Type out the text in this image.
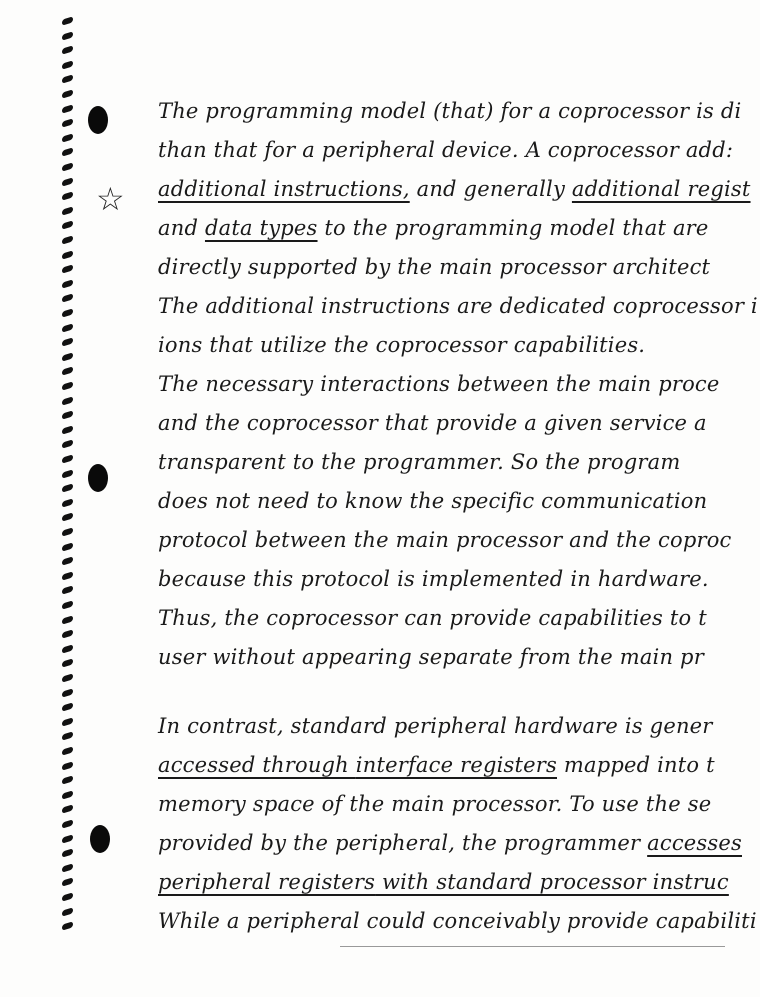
☆
The programming model (that) for a coprocessor is di
than that for a peripheral device. A coprocessor add:
additional instructions, and generally additional regist
and data types to the programming model that are
directly supported by the main processor architect
The additional instructions are dedicated coprocessor i
ions that utilize the coprocessor capabilities.
The necessary interactions between the main proce
and the coprocessor that provide a given service a
transparent to the programmer. So the program
does not need to know the specific communication
protocol between the main processor and the coproc
because this protocol is implemented in hardware.
Thus, the coprocessor can provide capabilities to t
user without appearing separate from the main pr
In contrast, standard peripheral hardware is gener
accessed through interface registers mapped into t
memory space of the main processor. To use the se
provided by the peripheral, the programmer accesses
peripheral registers with standard processor instruc
While a peripheral could conceivably provide capabiliti
